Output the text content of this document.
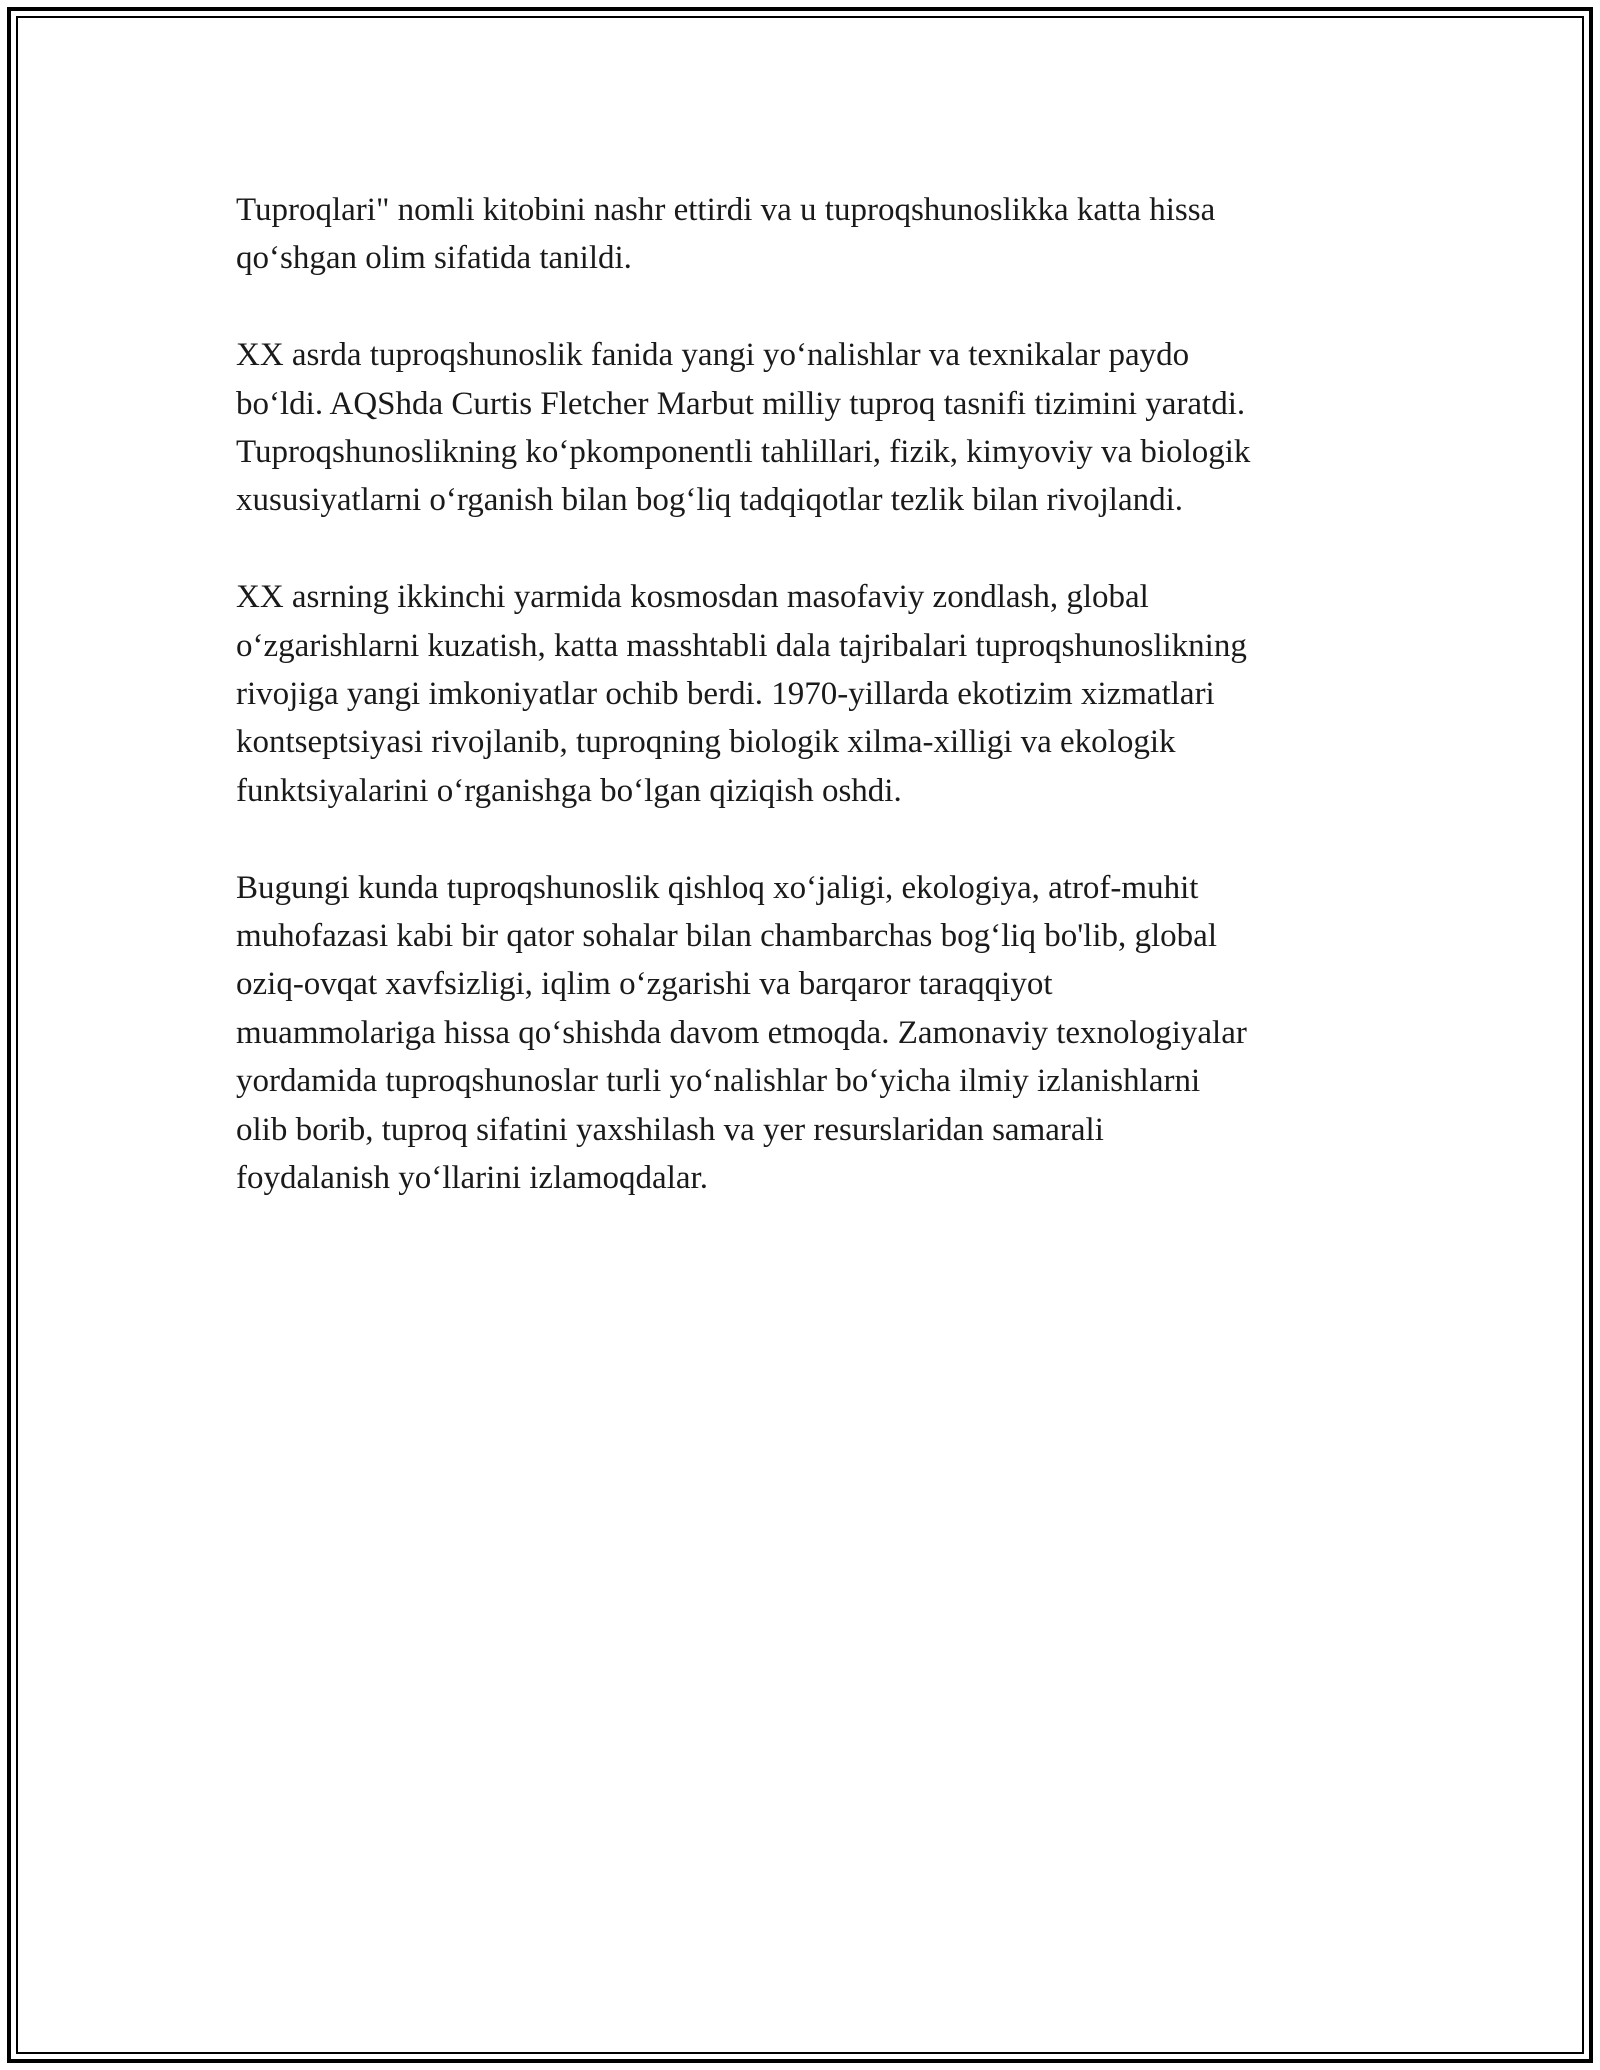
Tuproqlari" nomli kitobini nashr ettirdi va u tuproqshunoslikka katta hissa
qo‘shgan olim sifatida tanildi.

XX asrda tuproqshunoslik fanida yangi yo‘nalishlar va texnikalar paydo
bo‘ldi. AQShda Curtis Fletcher Marbut milliy tuproq tasnifi tizimini yaratdi.
Tuproqshunoslikning ko‘pkomponentli tahlillari, fizik, kimyoviy va biologik
xususiyatlarni o‘rganish bilan bog‘liq tadqiqotlar tezlik bilan rivojlandi.

XX asrning ikkinchi yarmida kosmosdan masofaviy zondlash, global
o‘zgarishlarni kuzatish, katta masshtabli dala tajribalari tuproqshunoslikning
rivojiga yangi imkoniyatlar ochib berdi. 1970-yillarda ekotizim xizmatlari
kontseptsiyasi rivojlanib, tuproqning biologik xilma-xilligi va ekologik
funktsiyalarini o‘rganishga bo‘lgan qiziqish oshdi.

Bugungi kunda tuproqshunoslik qishloq xo‘jaligi, ekologiya, atrof-muhit
muhofazasi kabi bir qator sohalar bilan chambarchas bog‘liq bo'lib, global
oziq-ovqat xavfsizligi, iqlim o‘zgarishi va barqaror taraqqiyot
muammolariga hissa qo‘shishda davom etmoqda. Zamonaviy texnologiyalar
yordamida tuproqshunoslar turli yo‘nalishlar bo‘yicha ilmiy izlanishlarni
olib borib, tuproq sifatini yaxshilash va yer resurslaridan samarali
foydalanish yo‘llarini izlamoqdalar.
